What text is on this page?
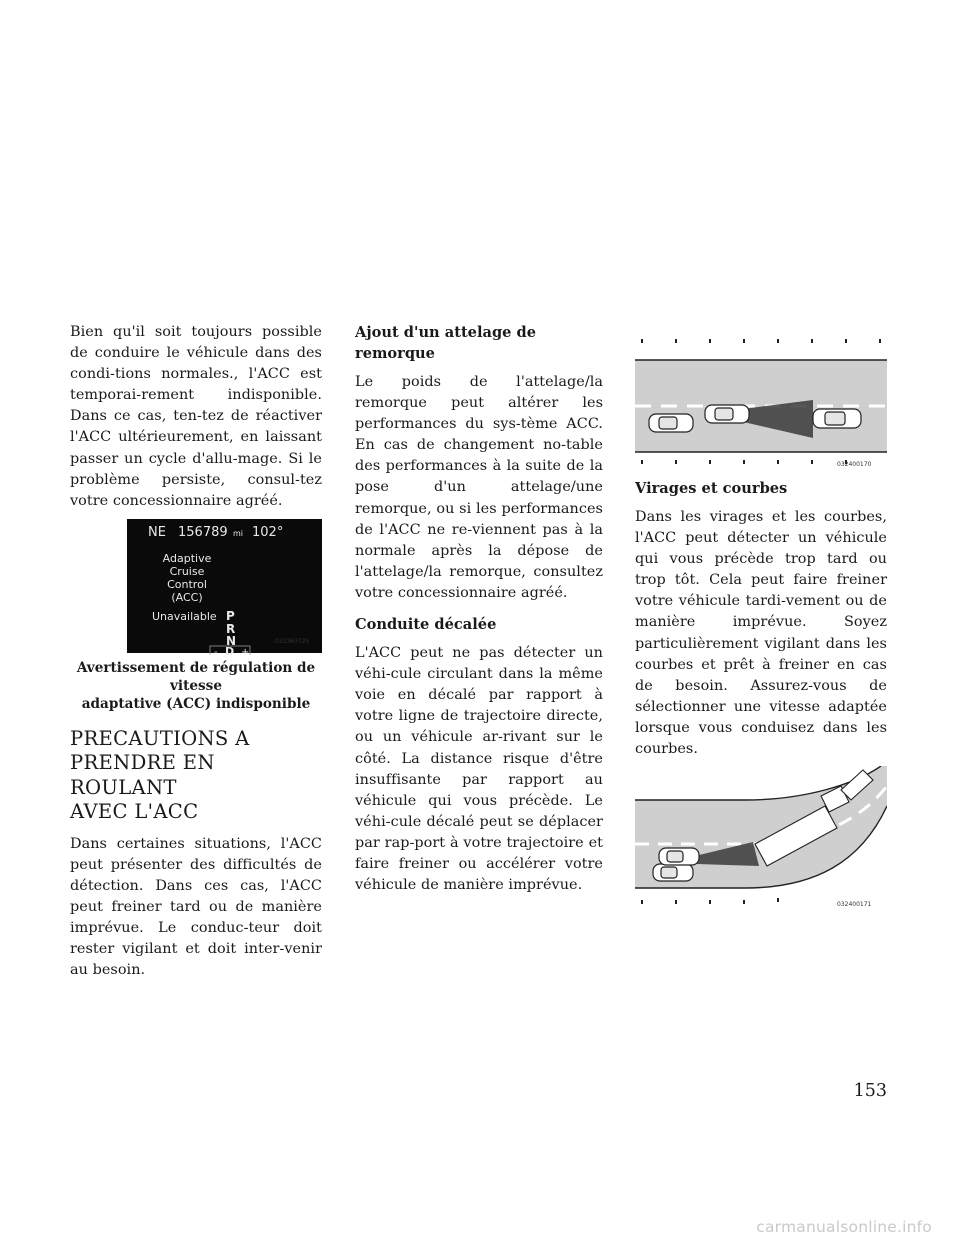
Bien qu'il soit toujours possible de conduire le véhicule dans des condi-tions normales., l'ACC est temporai-rement indisponible. Dans ce cas, ten-tez de réactiver l'ACC ultérieurement, en laissant passer un cycle d'allu-mage. Si le problème persiste, consul-tez votre concessionnaire agréé.

NE 156789 mi 102°
Adaptive
Cruise
Control
(ACC)
Unavailable P
R
N
- D +
032363725

Avertissement de régulation de vitesse

adaptative (ACC) indisponible

PRECAUTIONS A
PRENDRE EN ROULANT
AVEC L'ACC

Dans certaines situations, l'ACC peut présenter des difficultés de détection. Dans ces cas, l'ACC peut freiner tard ou de manière imprévue. Le conduc-teur doit rester vigilant et doit inter-venir au besoin.

Ajout d'un attelage de remorque

Le poids de l'attelage/la remorque peut altérer les performances du sys-tème ACC. En cas de changement no-table des performances à la suite de la pose d'un attelage/une remorque, ou si les performances de l'ACC ne re-viennent pas à la normale après la dépose de l'attelage/la remorque, consultez votre concessionnaire agréé.

Conduite décalée

L'ACC peut ne pas détecter un véhi-cule circulant dans la même voie en décalé par rapport à votre ligne de trajectoire directe, ou un véhicule ar-rivant sur le côté. La distance risque d'être insuffisante par rapport au véhicule qui vous précède. Le véhi-cule décalé peut se déplacer par rap-port à votre trajectoire et faire freiner ou accélérer votre véhicule de manière imprévue.

032400170
Virages et courbes

Dans les virages et les courbes, l'ACC peut détecter un véhicule qui vous précède trop tard ou trop tôt. Cela peut faire freiner votre véhicule tardi-vement ou de manière imprévue. Soyez particulièrement vigilant dans les courbes et prêt à freiner en cas de besoin. Assurez-vous de sélectionner une vitesse adaptée lorsque vous conduisez dans les courbes.

032400171
153
carmanualsonline.info
